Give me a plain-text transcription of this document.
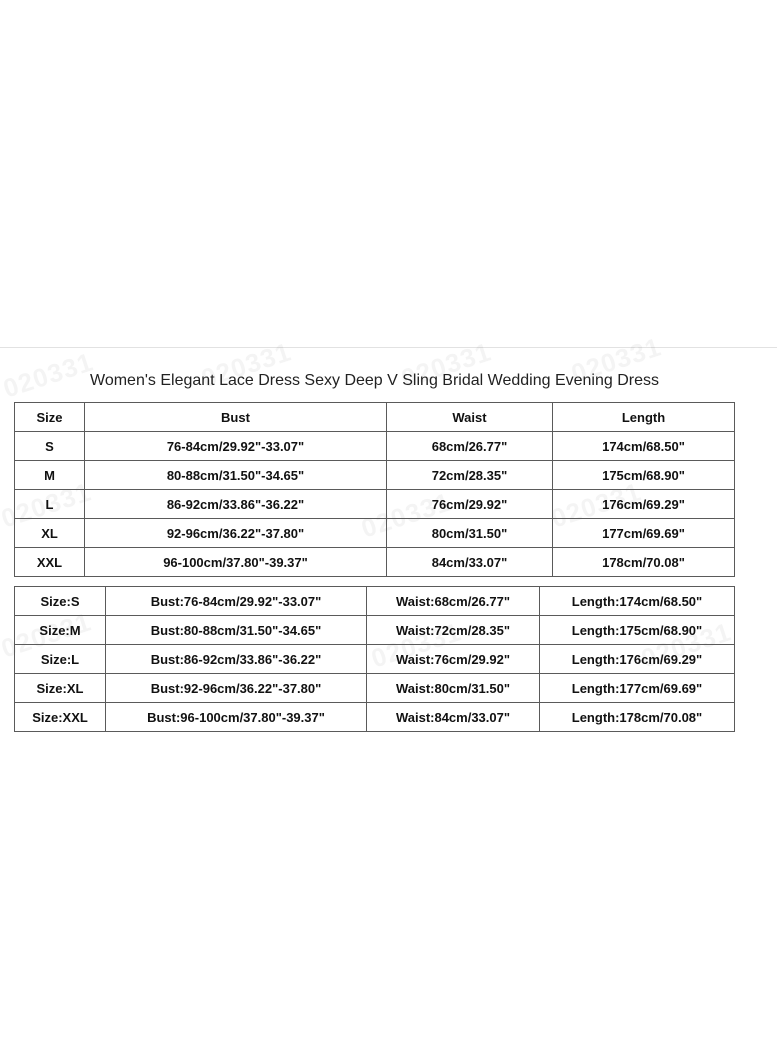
Women's Elegant Lace Dress Sexy Deep V Sling Bridal Wedding Evening Dress
Size	Bust	Waist	Length
S	76-84cm/29.92"-33.07"	68cm/26.77"	174cm/68.50"
M	80-88cm/31.50"-34.65"	72cm/28.35"	175cm/68.90"
L	86-92cm/33.86"-36.22"	76cm/29.92"	176cm/69.29"
XL	92-96cm/36.22"-37.80"	80cm/31.50"	177cm/69.69"
XXL	96-100cm/37.80"-39.37"	84cm/33.07"	178cm/70.08"
Size:S	Bust:76-84cm/29.92"-33.07"	Waist:68cm/26.77"	Length:174cm/68.50"
Size:M	Bust:80-88cm/31.50"-34.65"	Waist:72cm/28.35"	Length:175cm/68.90"
Size:L	Bust:86-92cm/33.86"-36.22"	Waist:76cm/29.92"	Length:176cm/69.29"
Size:XL	Bust:92-96cm/36.22"-37.80"	Waist:80cm/31.50"	Length:177cm/69.69"
Size:XXL	Bust:96-100cm/37.80"-39.37"	Waist:84cm/33.07"	Length:178cm/70.08"
